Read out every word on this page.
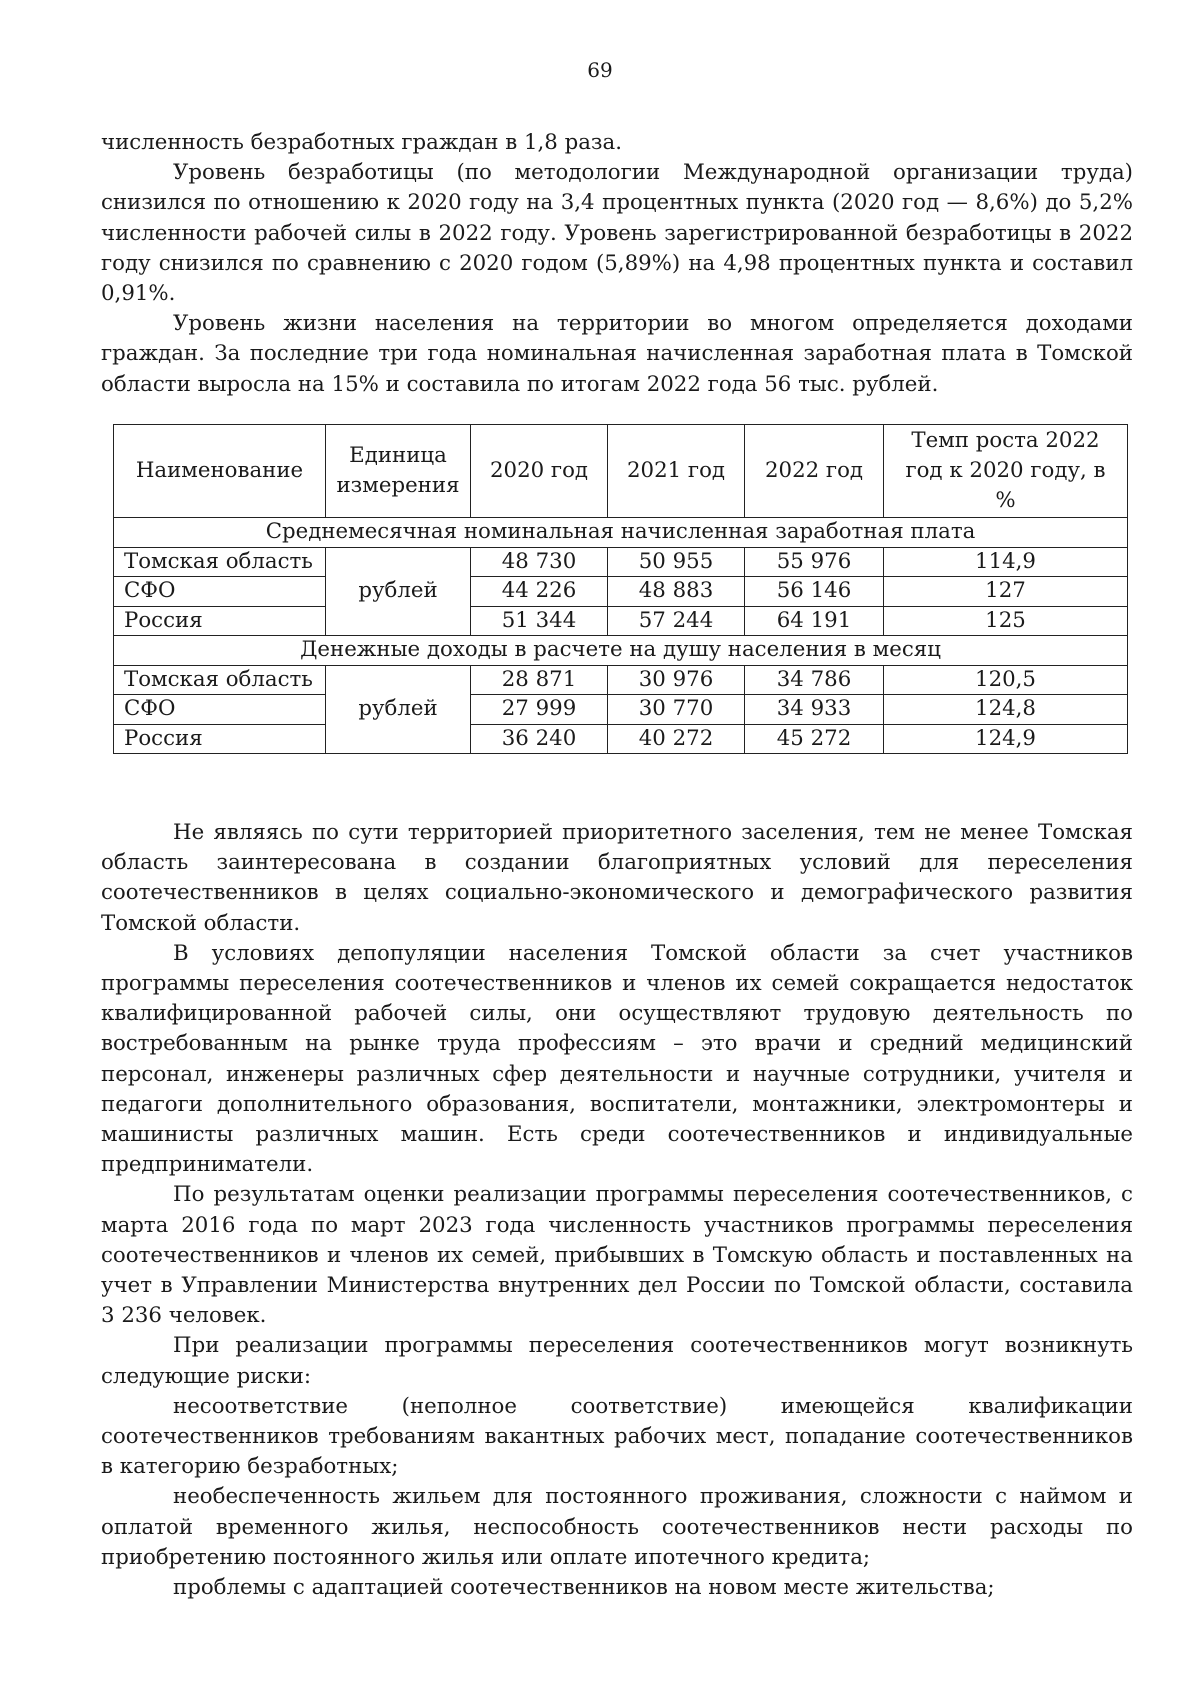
69

численность безработных граждан в 1,8 раза.

Уровень безработицы (по методологии Международной организации труда) снизился по отношению к 2020 году на 3,4 процентных пункта (2020 год — 8,6%) до 5,2% численности рабочей силы в 2022 году. Уровень зарегистрированной безработицы в 2022 году снизился по сравнению с 2020 годом (5,89%) на 4,98 процентных пункта и составил 0,91%.

Уровень жизни населения на территории во многом определяется доходами граждан. За последние три года номинальная начисленная заработная плата в Томской области выросла на 15% и составила по итогам 2022 года 56 тыс. рублей.

Наименование	Единица измерения	2020 год	2021 год	2022 год	Темп роста 2022 год к 2020 году, в %
Среднемесячная номинальная начисленная заработная плата					
Томская область	рублей	48 730	50 955	55 976	114,9
СФО		44 226	48 883	56 146	127
Россия		51 344	57 244	64 191	125
Денежные доходы в расчете на душу населения в месяц					
Томская область	рублей	28 871	30 976	34 786	120,5
СФО		27 999	30 770	34 933	124,8
Россия		36 240	40 272	45 272	124,9

Не являясь по сути территорией приоритетного заселения, тем не менее Томская область заинтересована в создании благоприятных условий для переселения соотечественников в целях социально-экономического и демографического развития Томской области.

В условиях депопуляции населения Томской области за счет участников программы переселения соотечественников и членов их семей сокращается недостаток квалифицированной рабочей силы, они осуществляют трудовую деятельность по востребованным на рынке труда профессиям – это врачи и средний медицинский персонал, инженеры различных сфер деятельности и научные сотрудники, учителя и педагоги дополнительного образования, воспитатели, монтажники, электромонтеры и машинисты различных машин. Есть среди соотечественников и индивидуальные предприниматели.

По результатам оценки реализации программы переселения соотечественников, с марта 2016 года по март 2023 года численность участников программы переселения соотечественников и членов их семей, прибывших в Томскую область и поставленных на учет в Управлении Министерства внутренних дел России по Томской области, составила 3 236 человек.

При реализации программы переселения соотечественников могут возникнуть следующие риски:

несоответствие (неполное соответствие) имеющейся квалификации соотечественников требованиям вакантных рабочих мест, попадание соотечественников в категорию безработных;

необеспеченность жильем для постоянного проживания, сложности с наймом и оплатой временного жилья, неспособность соотечественников нести расходы по приобретению постоянного жилья или оплате ипотечного кредита;

проблемы с адаптацией соотечественников на новом месте жительства;
